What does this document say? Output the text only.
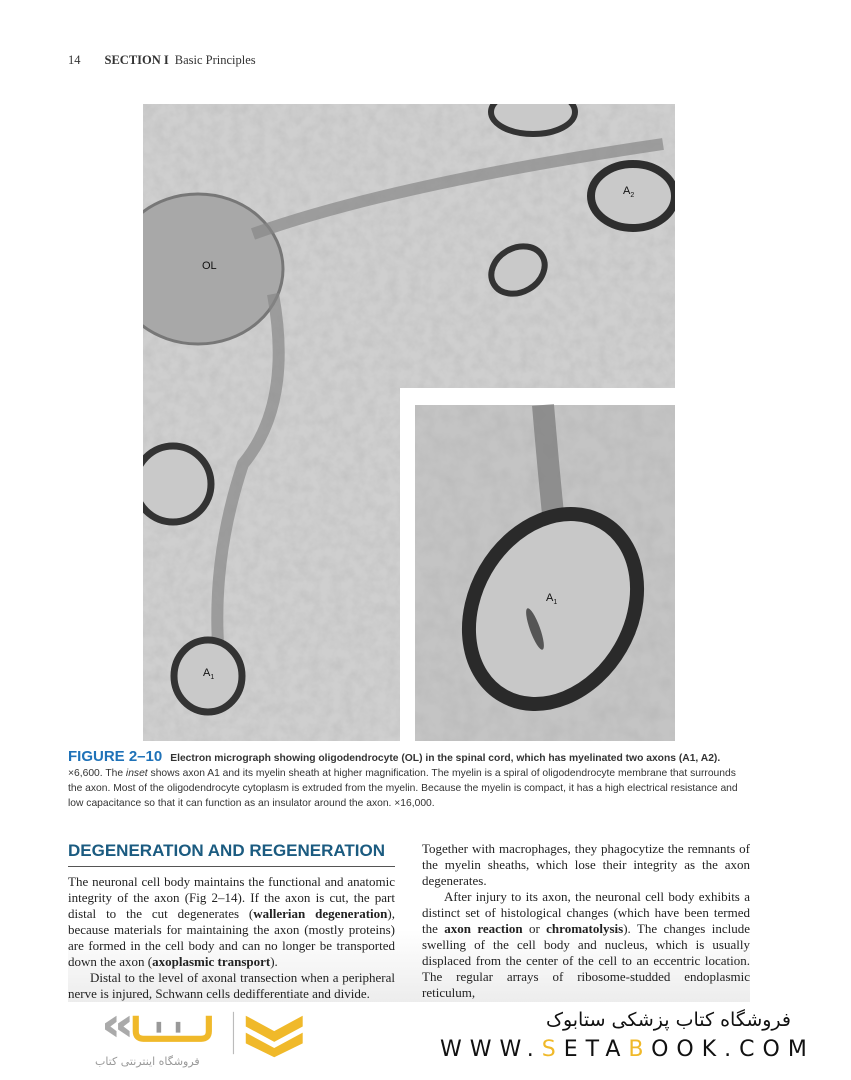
14 SECTION I Basic Principles
OL
$A_2$
$A_1$
$A_1$
FIGURE 2–10 Electron micrograph showing oligodendrocyte (OL) in the spinal cord, which has myelinated two axons (A1, A2). ×6,600. The inset shows axon A1 and its myelin sheath at higher magnification. The myelin is a spiral of oligodendrocyte membrane that surrounds the axon. Most of the oligodendrocyte cytoplasm is extruded from the myelin. Because the myelin is compact, it has a high electrical resistance and low capacitance so that it can function as an insulator around the axon. ×16,000.
DEGENERATION AND REGENERATION

The neuronal cell body maintains the functional and anatomic integrity of the axon (Fig 2–14). If the axon is cut, the part distal to the cut degenerates (wallerian degeneration), because materials for maintaining the axon (mostly proteins) are formed in the cell body and can no longer be transported down the axon (axoplasmic transport).

Distal to the level of axonal transection when a peripheral nerve is injured, Schwann cells dedifferentiate and divide.

Together with macrophages, they phagocytize the remnants of the myelin sheaths, which lose their integrity as the axon degenerates.

After injury to its axon, the neuronal cell body exhibits a distinct set of histological changes (which have been termed the axon reaction or chromatolysis). The changes include swelling of the cell body and nucleus, which is usually displaced from the center of the cell to an eccentric location. The regular arrays of ribosome-studded endoplasmic reticulum,

فروشگاه اینترنتی کتاب
فروشگاه کتاب پزشکی ستابوک
WWW.SETABOOK.COM
